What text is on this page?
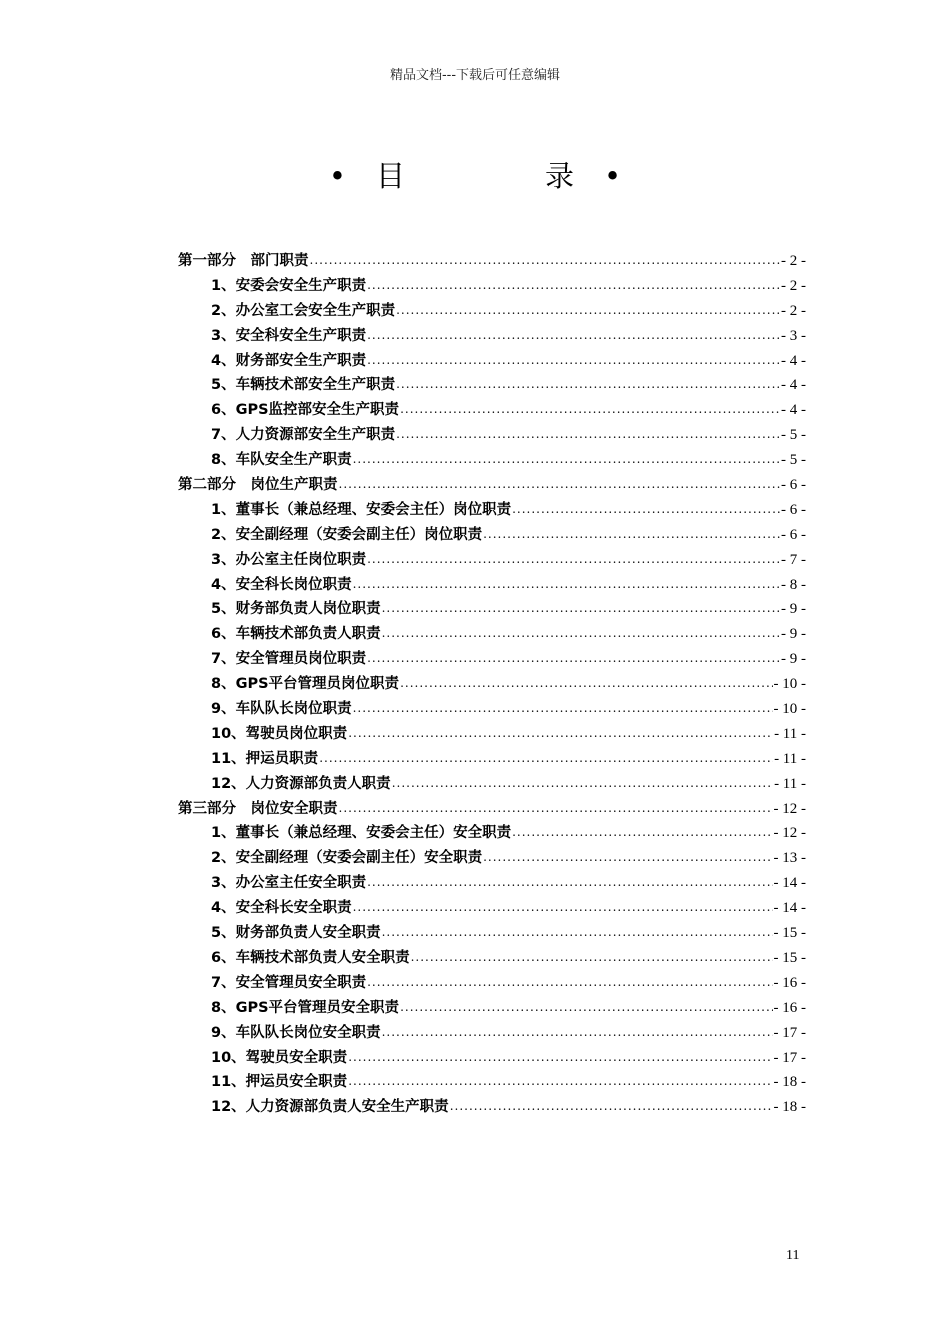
精品文档---下载后可任意编辑
• 目	录 •
第一部分　部门职责 .....	- 2 -
1、安委会安全生产职责 .....	- 2 -
2、办公室工会安全生产职责 .....	- 2 -
3、安全科安全生产职责 .....	- 3 -
4、财务部安全生产职责 .....	- 4 -
5、车辆技术部安全生产职责 .....	- 4 -
6、GPS监控部安全生产职责 .....	- 4 -
7、人力资源部安全生产职责 .....	- 5 -
8、车队安全生产职责 .....	- 5 -
第二部分　岗位生产职责 .....	- 6 -
1、董事长（兼总经理、安委会主任）岗位职责 .....	- 6 -
2、安全副经理（安委会副主任）岗位职责 .....	- 6 -
3、办公室主任岗位职责 .....	- 7 -
4、安全科长岗位职责 .....	- 8 -
5、财务部负责人岗位职责 .....	- 9 -
6、车辆技术部负责人职责 .....	- 9 -
7、安全管理员岗位职责 .....	- 9 -
8、GPS平台管理员岗位职责 .....	- 10 -
9、车队队长岗位职责 .....	- 10 -
10、驾驶员岗位职责 .....	- 11 -
11、押运员职责 .....	- 11 -
12、人力资源部负责人职责 .....	- 11 -
第三部分　岗位安全职责 .....	- 12 -
1、董事长（兼总经理、安委会主任）安全职责 .....	- 12 -
2、安全副经理（安委会副主任）安全职责 .....	- 13 -
3、办公室主任安全职责 .....	- 14 -
4、安全科长安全职责 .....	- 14 -
5、财务部负责人安全职责 .....	- 15 -
6、车辆技术部负责人安全职责 .....	- 15 -
7、安全管理员安全职责 .....	- 16 -
8、GPS平台管理员安全职责 .....	- 16 -
9、车队队长岗位安全职责 .....	- 17 -
10、驾驶员安全职责 .....	- 17 -
11、押运员安全职责 .....	- 18 -
12、人力资源部负责人安全生产职责 .....	- 18 -
11
